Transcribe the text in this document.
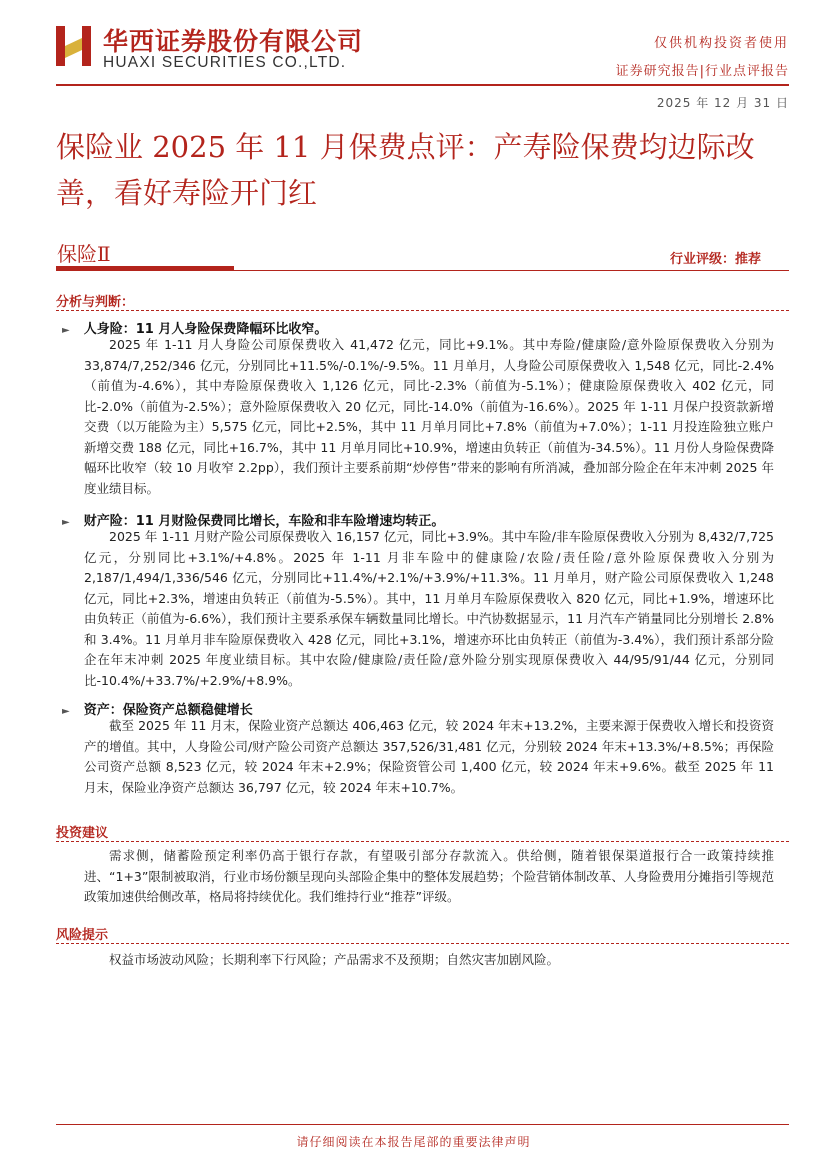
华西证券股份有限公司
HUAXI SECURITIES CO.,LTD.
仅供机构投资者使用
证券研究报告|行业点评报告
2025 年 12 月 31 日
保险业 2025 年 11 月保费点评：产寿险保费均边际改善，看好寿险开门红
保险Ⅱ	行业评级：推荐
分析与判断：
► 人身险：11 月人身险保费降幅环比收窄。
2025 年 1-11 月人身险公司原保费收入 41,472 亿元，同比+9.1%。其中寿险/健康险/意外险原保费收入分别为 33,874/7,252/346 亿元，分别同比+11.5%/-0.1%/-9.5%。11 月单月，人身险公司原保费收入 1,548 亿元，同比-2.4%（前值为-4.6%），其中寿险原保费收入 1,126 亿元，同比-2.3%（前值为-5.1%）；健康险原保费收入 402 亿元，同比-2.0%（前值为-2.5%）；意外险原保费收入 20 亿元，同比-14.0%（前值为-16.6%）。2025 年 1-11 月保户投资款新增交费（以万能险为主）5,575 亿元，同比+2.5%，其中 11 月单月同比+7.8%（前值为+7.0%）；1-11 月投连险独立账户新增交费 188 亿元，同比+16.7%，其中 11 月单月同比+10.9%，增速由负转正（前值为-34.5%）。11 月份人身险保费降幅环比收窄（较 10 月收窄 2.2pp），我们预计主要系前期“炒停售”带来的影响有所消减，叠加部分险企在年末冲刺 2025 年度业绩目标。
► 财产险：11 月财险保费同比增长，车险和非车险增速均转正。
2025 年 1-11 月财产险公司原保费收入 16,157 亿元，同比+3.9%。其中车险/非车险原保费收入分别为 8,432/7,725 亿元，分别同比+3.1%/+4.8%。2025 年 1-11 月非车险中的健康险/农险/责任险/意外险原保费收入分别为 2,187/1,494/1,336/546 亿元，分别同比+11.4%/+2.1%/+3.9%/+11.3%。11 月单月，财产险公司原保费收入 1,248 亿元，同比+2.3%，增速由负转正（前值为-5.5%）。其中，11 月单月车险原保费收入 820 亿元，同比+1.9%，增速环比由负转正（前值为-6.6%），我们预计主要系承保车辆数量同比增长。中汽协数据显示，11 月汽车产销量同比分别增长 2.8%和 3.4%。11 月单月非车险原保费收入 428 亿元，同比+3.1%，增速亦环比由负转正（前值为-3.4%），我们预计系部分险企在年末冲刺 2025 年度业绩目标。其中农险/健康险/责任险/意外险分别实现原保费收入 44/95/91/44 亿元，分别同比-10.4%/+33.7%/+2.9%/+8.9%。
► 资产：保险资产总额稳健增长
截至 2025 年 11 月末，保险业资产总额达 406,463 亿元，较 2024 年末+13.2%，主要来源于保费收入增长和投资资产的增值。其中，人身险公司/财产险公司资产总额达 357,526/31,481 亿元，分别较 2024 年末+13.3%/+8.5%；再保险公司资产总额 8,523 亿元，较 2024 年末+2.9%；保险资管公司 1,400 亿元，较 2024 年末+9.6%。截至 2025 年 11 月末，保险业净资产总额达 36,797 亿元，较 2024 年末+10.7%。
投资建议
需求侧，储蓄险预定利率仍高于银行存款，有望吸引部分存款流入。供给侧，随着银保渠道报行合一政策持续推进、“1+3”限制被取消，行业市场份额呈现向头部险企集中的整体发展趋势；个险营销体制改革、人身险费用分摊指引等规范政策加速供给侧改革，格局将持续优化。我们维持行业“推荐”评级。
风险提示
权益市场波动风险；长期利率下行风险；产品需求不及预期；自然灾害加剧风险。
请仔细阅读在本报告尾部的重要法律声明
